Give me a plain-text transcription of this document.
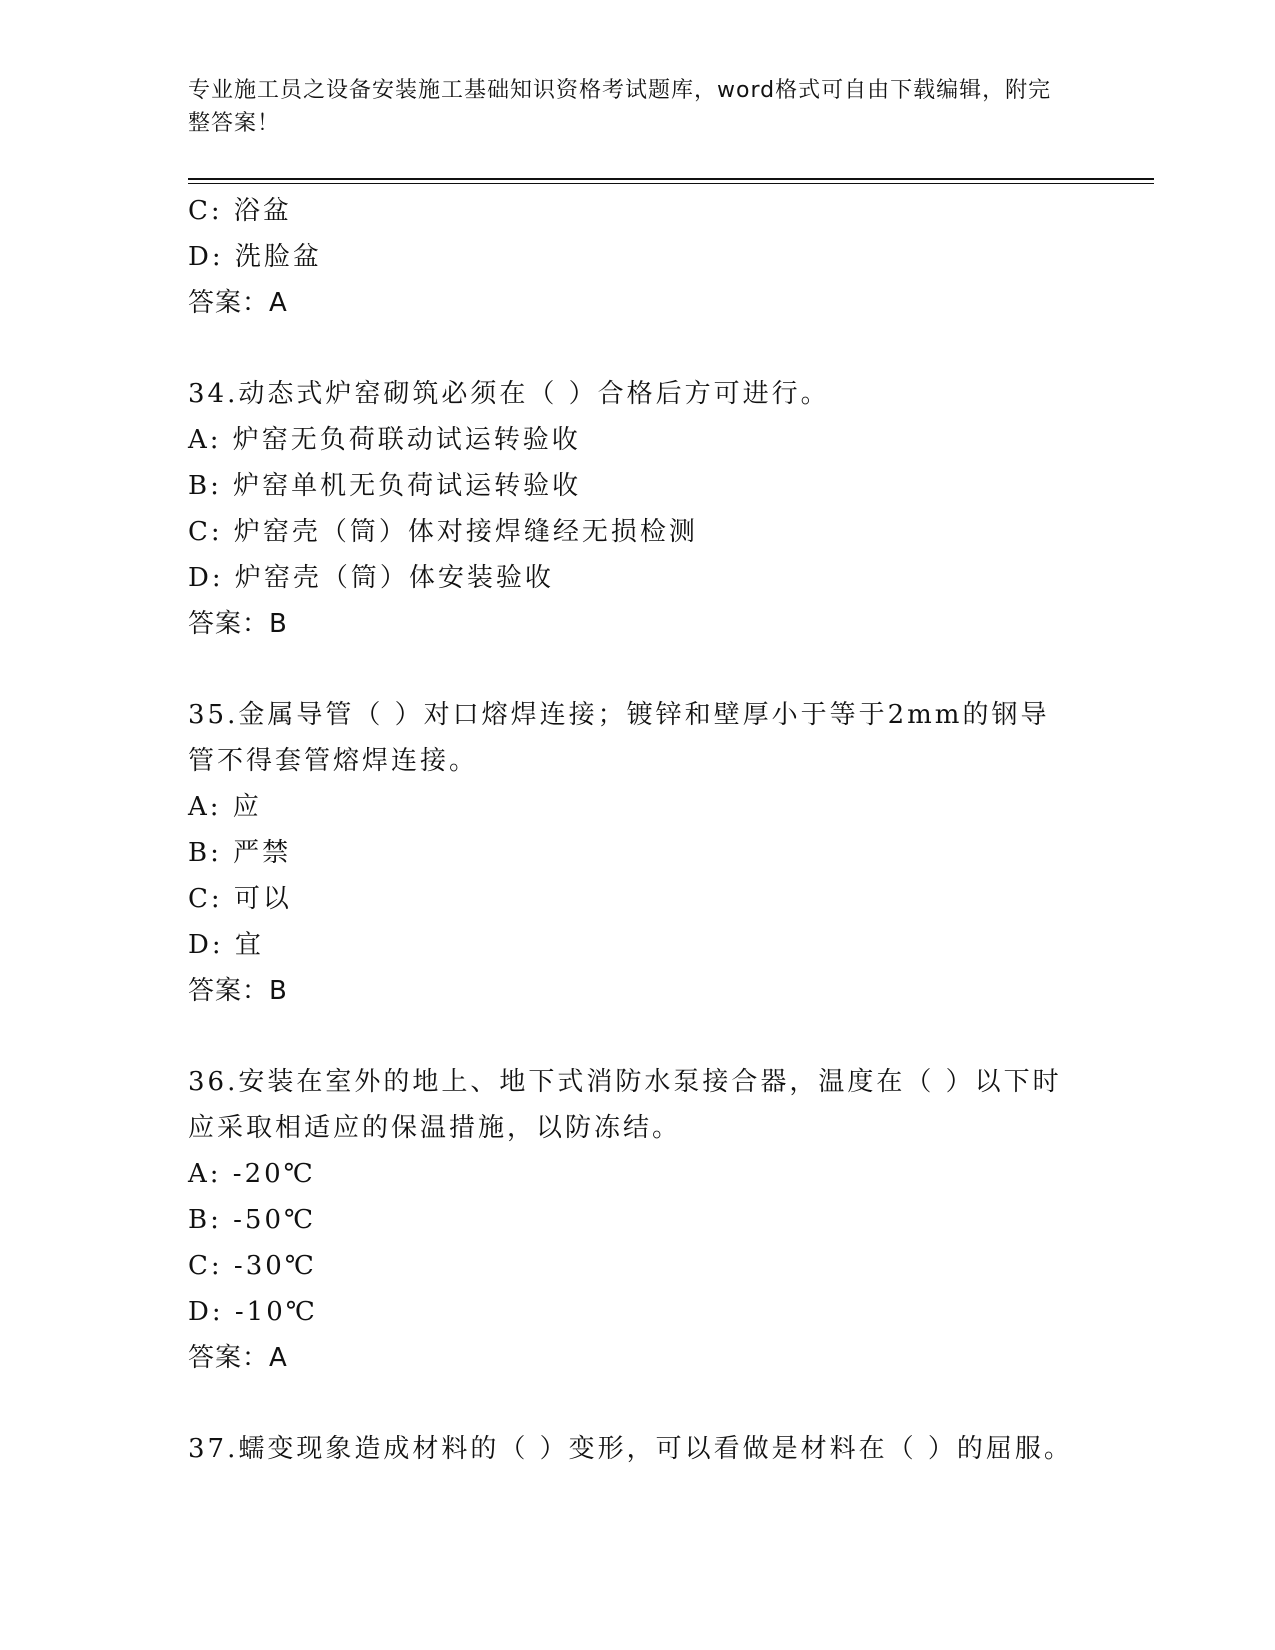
专业施工员之设备安装施工基础知识资格考试题库，word格式可自由下载编辑，附完整答案！
C: 浴盆
D: 洗脸盆
答案：A
34.动态式炉窑砌筑必须在（ ）合格后方可进行。
A: 炉窑无负荷联动试运转验收
B: 炉窑单机无负荷试运转验收
C: 炉窑壳（筒）体对接焊缝经无损检测
D: 炉窑壳（筒）体安装验收
答案：B
35.金属导管（ ）对口熔焊连接；镀锌和壁厚小于等于2mm的钢导管不得套管熔焊连接。
A: 应
B: 严禁
C: 可以
D: 宜
答案：B
36.安装在室外的地上、地下式消防水泵接合器，温度在（ ）以下时应采取相适应的保温措施，以防冻结。
A: -20℃
B: -50℃
C: -30℃
D: -10℃
答案：A
37.蠕变现象造成材料的（ ）变形，可以看做是材料在（ ）的屈服。
